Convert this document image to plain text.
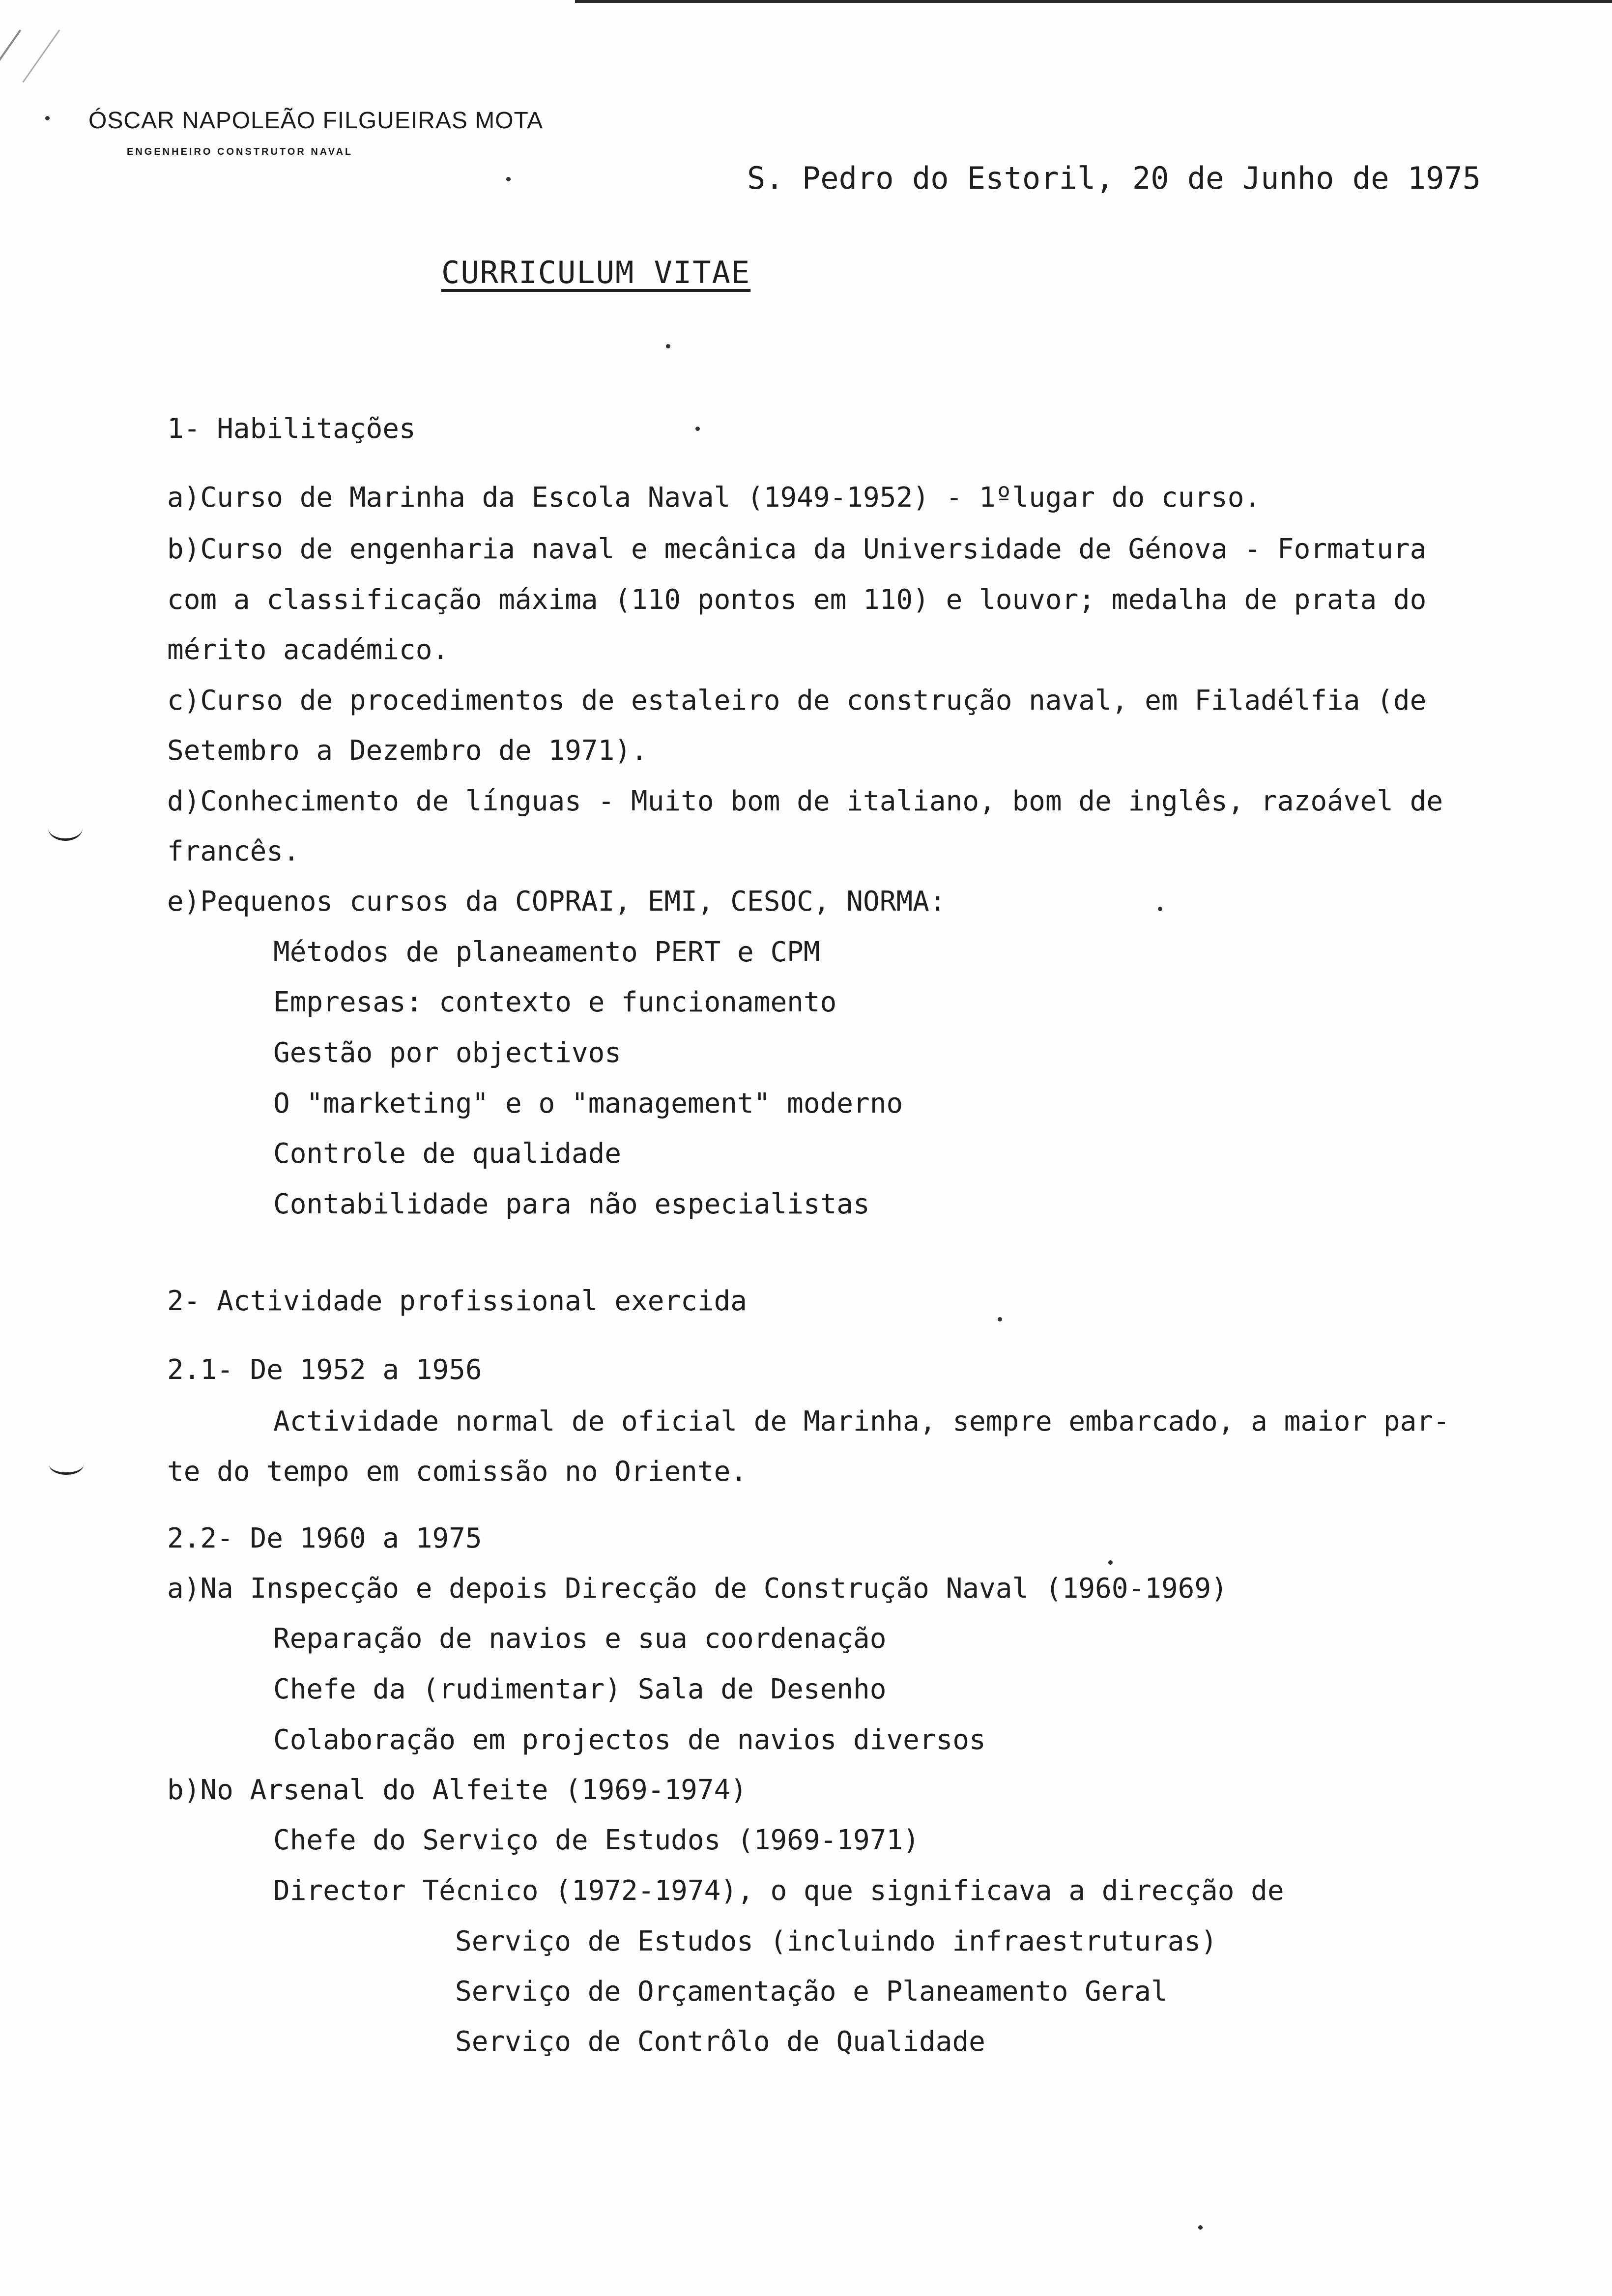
ÓSCAR NAPOLEÃO FILGUEIRAS MOTA
ENGENHEIRO CONSTRUTOR NAVAL
S. Pedro do Estoril, 20 de Junho de 1975
CURRICULUM VITAE
1- Habilitações
a)Curso de Marinha da Escola Naval (1949-1952) - 1ºlugar do curso.
b)Curso de engenharia naval e mecânica da Universidade de Génova - Formatura
com a classificação máxima (110 pontos em 110) e louvor; medalha de prata do
mérito académico.
c)Curso de procedimentos de estaleiro de construção naval, em Filadélfia (de
Setembro a Dezembro de 1971).
d)Conhecimento de línguas - Muito bom de italiano, bom de inglês, razoável de
francês.
e)Pequenos cursos da COPRAI, EMI, CESOC, NORMA:
Métodos de planeamento PERT e CPM
Empresas: contexto e funcionamento
Gestão por objectivos
O "marketing" e o "management" moderno
Controle de qualidade
Contabilidade para não especialistas
2- Actividade profissional exercida
2.1- De 1952 a 1956
Actividade normal de oficial de Marinha, sempre embarcado, a maior par-
te do tempo em comissão no Oriente.
2.2- De 1960 a 1975
a)Na Inspecção e depois Direcção de Construção Naval (1960-1969)
Reparação de navios e sua coordenação
Chefe da (rudimentar) Sala de Desenho
Colaboração em projectos de navios diversos
b)No Arsenal do Alfeite (1969-1974)
Chefe do Serviço de Estudos (1969-1971)
Director Técnico (1972-1974), o que significava a direcção de
Serviço de Estudos (incluindo infraestruturas)
Serviço de Orçamentação e Planeamento Geral
Serviço de Contrôlo de Qualidade
